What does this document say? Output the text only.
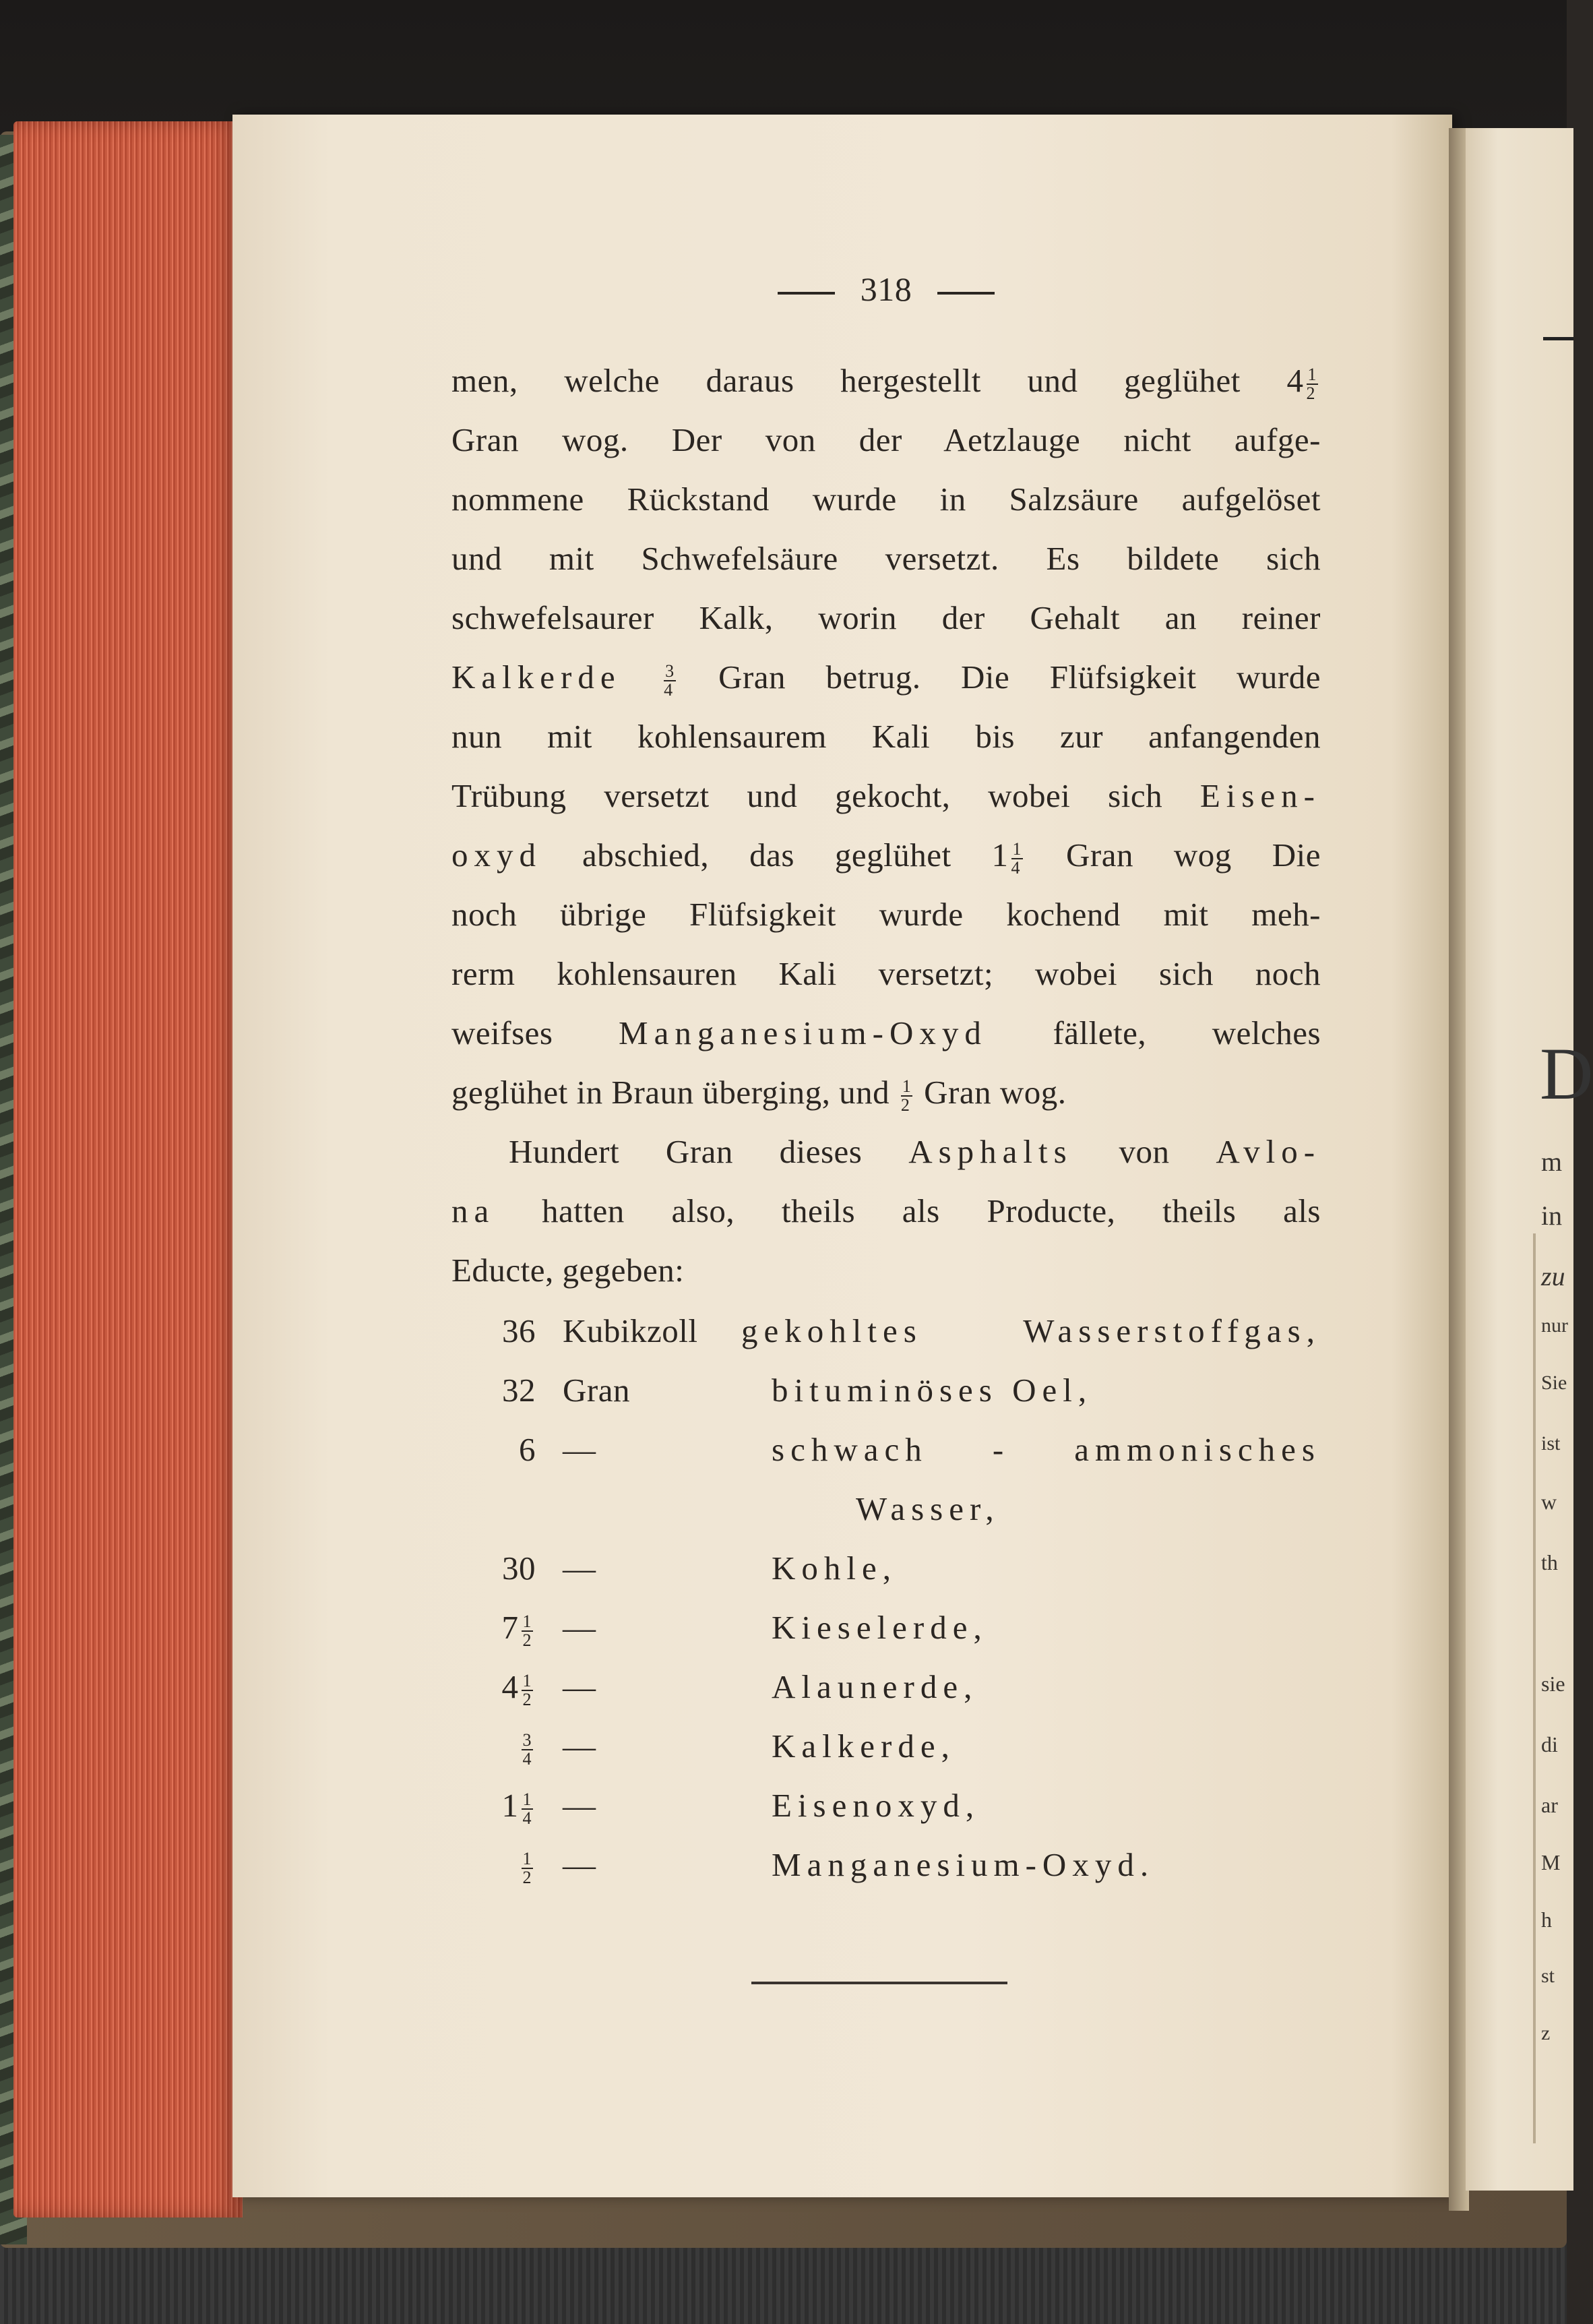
D
m
in
zu
nur
Sie
ist
w
th
sie
di
ar
M
h
st
z
318
men, welche daraus hergestellt und geglühet $4 \frac{1}{2}$
Gran wog. Der von der Aetzlauge nicht aufge-
nommene Rückstand wurde in Salzsäure aufgelöset
und mit Schwefelsäure versetzt. Es bildete sich
schwefelsaurer Kalk, worin der Gehalt an reiner
Kalkerde $\frac{3}{4}$ Gran betrug. Die Flüfsigkeit wurde
nun mit kohlensaurem Kali bis zur anfangenden
Trübung versetzt und gekocht, wobei sich Eisen-
oxyd abschied, das geglühet $1 \frac{1}{4}$ Gran wog Die
noch übrige Flüfsigkeit wurde kochend mit meh-
rerm kohlensauren Kali versetzt; wobei sich noch
weifses Manganesium-Oxyd fällete, welches
geglühet in Braun überging, und $\frac{1}{2}$ Gran wog.
Hundert Gran dieses Asphalts von Avlo-
na hatten also, theils als Producte, theils als
Educte, gegeben:
36 Kubikzoll gekohltes Wasserstoffgas,
32 Gran	bituminöses Oel,
6 —	schwach - ammonisches
Wasser,
30 —	Kohle,
$7 \frac{1}{2}$ —	Kieselerde,
$4 \frac{1}{2}$ —	Alaunerde,
$\frac{3}{4}$ —	Kalkerde,
$1 \frac{1}{4}$ —	Eisenoxyd,
$\frac{1}{2}$ —	Manganesium-Oxyd.
